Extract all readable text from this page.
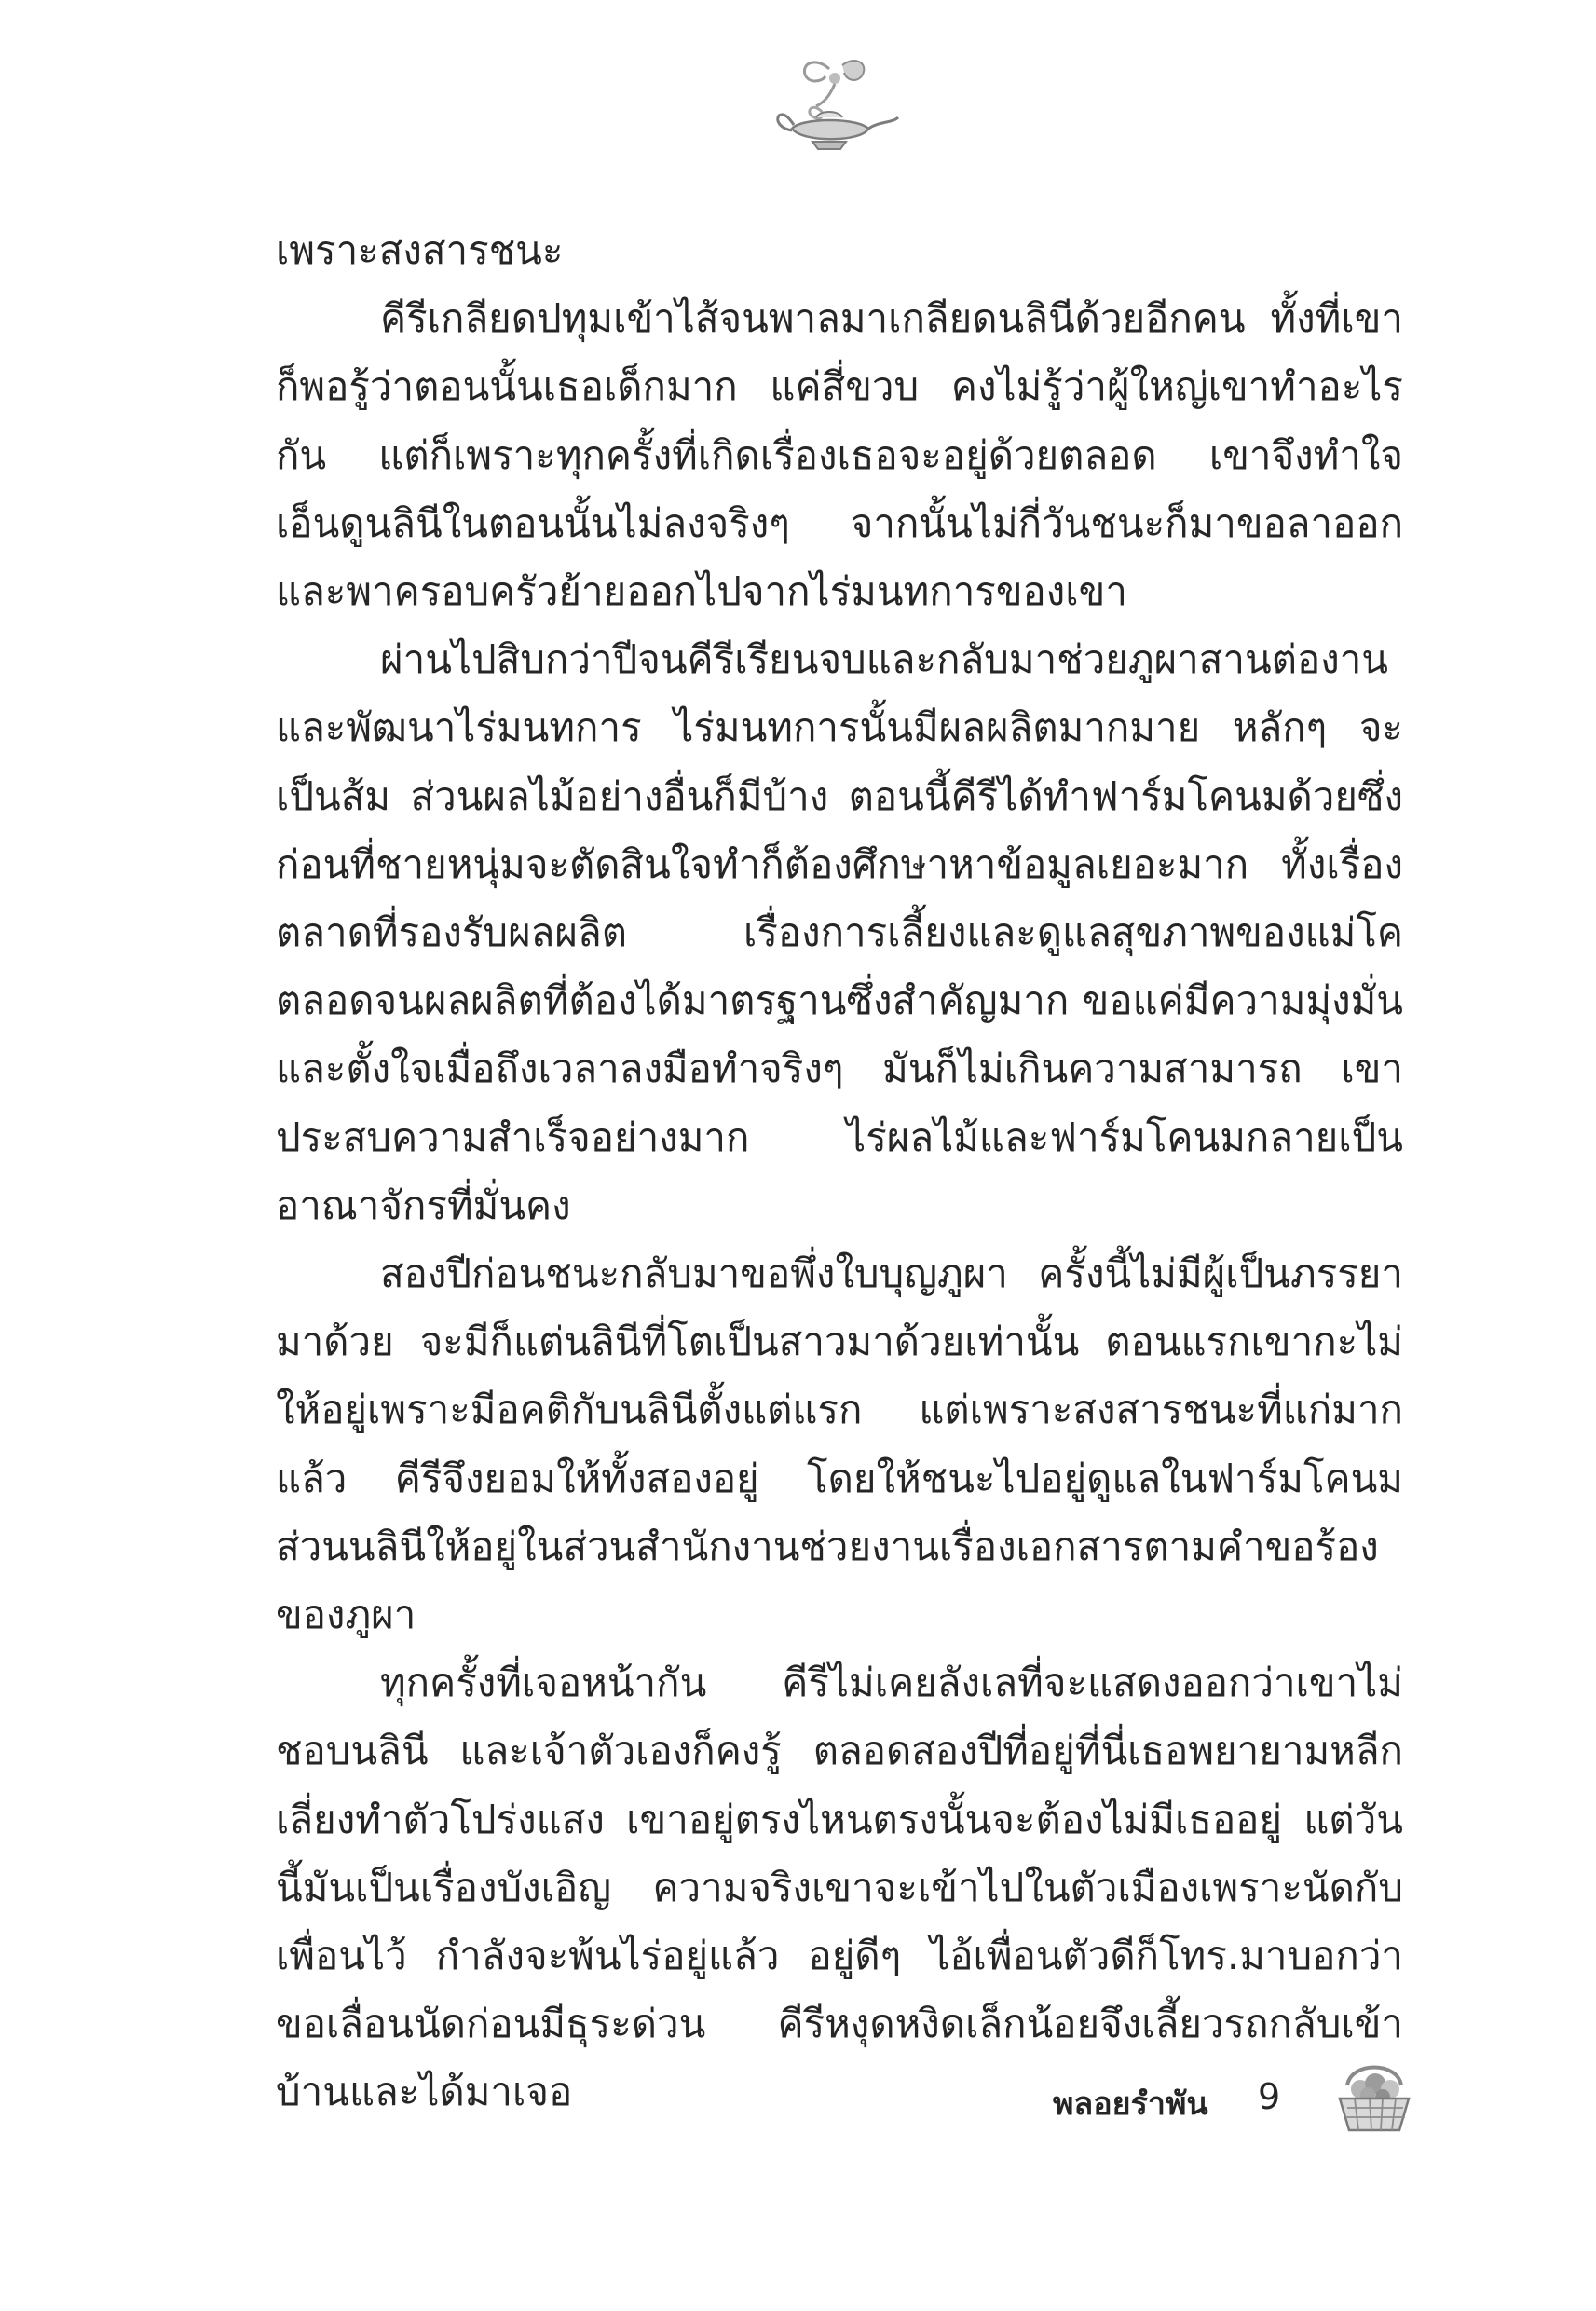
เพราะสงสารชนะ

คีรีเกลียดปทุมเข้าไส้จนพาลมาเกลียดนลินีด้วยอีกคน ทั้งที่เขาก็พอรู้ว่าตอนนั้นเธอเด็กมาก แค่สี่ขวบ คงไม่รู้ว่าผู้ใหญ่เขาทำอะไรกัน แต่ก็เพราะทุกครั้งที่เกิดเรื่องเธอจะอยู่ด้วยตลอด เขาจึงทำใจเอ็นดูนลินีในตอนนั้นไม่ลงจริงๆ จากนั้นไม่กี่วันชนะก็มาขอลาออกและพาครอบครัวย้ายออกไปจากไร่มนทการของเขา

ผ่านไปสิบกว่าปีจนคีรีเรียนจบและกลับมาช่วยภูผาสานต่องานและพัฒนาไร่มนทการ ไร่มนทการนั้นมีผลผลิตมากมาย หลักๆ จะเป็นส้ม ส่วนผลไม้อย่างอื่นก็มีบ้าง ตอนนี้คีรีได้ทำฟาร์มโคนมด้วยซึ่งก่อนที่ชายหนุ่มจะตัดสินใจทำก็ต้องศึกษาหาข้อมูลเยอะมาก ทั้งเรื่องตลาดที่รองรับผลผลิต เรื่องการเลี้ยงและดูแลสุขภาพของแม่โค ตลอดจนผลผลิตที่ต้องได้มาตรฐานซึ่งสำคัญมาก ขอแค่มีความมุ่งมั่นและตั้งใจเมื่อถึงเวลาลงมือทำจริงๆ มันก็ไม่เกินความสามารถ เขาประสบความสำเร็จอย่างมาก ไร่ผลไม้และฟาร์มโคนมกลายเป็นอาณาจักรที่มั่นคง

สองปีก่อนชนะกลับมาขอพึ่งใบบุญภูผา ครั้งนี้ไม่มีผู้เป็นภรรยามาด้วย จะมีก็แต่นลินีที่โตเป็นสาวมาด้วยเท่านั้น ตอนแรกเขากะไม่ให้อยู่เพราะมีอคติกับนลินีตั้งแต่แรก แต่เพราะสงสารชนะที่แก่มากแล้ว คีรีจึงยอมให้ทั้งสองอยู่ โดยให้ชนะไปอยู่ดูแลในฟาร์มโคนม ส่วนนลินีให้อยู่ในส่วนสำนักงานช่วยงานเรื่องเอกสารตามคำขอร้องของภูผา

ทุกครั้งที่เจอหน้ากัน คีรีไม่เคยลังเลที่จะแสดงออกว่าเขาไม่ชอบนลินี และเจ้าตัวเองก็คงรู้ ตลอดสองปีที่อยู่ที่นี่เธอพยายามหลีกเลี่ยงทำตัวโปร่งแสง เขาอยู่ตรงไหนตรงนั้นจะต้องไม่มีเธออยู่ แต่วันนี้มันเป็นเรื่องบังเอิญ ความจริงเขาจะเข้าไปในตัวเมืองเพราะนัดกับเพื่อนไว้ กำลังจะพ้นไร่อยู่แล้ว อยู่ดีๆ ไอ้เพื่อนตัวดีก็โทร.มาบอกว่าขอเลื่อนนัดก่อนมีธุระด่วน คีรีหงุดหงิดเล็กน้อยจึงเลี้ยวรถกลับเข้าบ้านและได้มาเจอ	พลอยรำพัน 9
